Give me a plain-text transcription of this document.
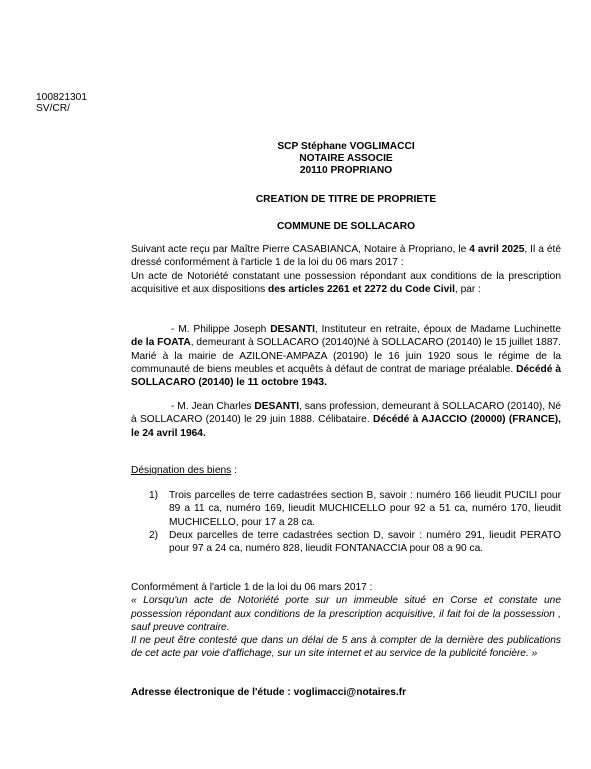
100821301
SV/CR/
SCP Stéphane VOGLIMACCI
NOTAIRE ASSOCIE
20110 PROPRIANO
CREATION DE TITRE DE PROPRIETE
COMMUNE DE SOLLACARO
Suivant acte reçu par Maître Pierre CASABIANCA, Notaire à Propriano, le 4 avril 2025, Il a été dressé conformément à l'article 1 de la loi du 06 mars 2017 :
Un acte de Notoriété constatant une possession répondant aux conditions de la prescription acquisitive et aux dispositions des articles 2261 et 2272 du Code Civil, par :
- M. Philippe Joseph DESANTI, Instituteur en retraite, époux de Madame Luchinette de la FOATA, demeurant à SOLLACARO (20140)Né à SOLLACARO (20140) le 15 juillet 1887. Marié à la mairie de AZILONE-AMPAZA (20190) le 16 juin 1920 sous le régime de la communauté de biens meubles et acquêts à défaut de contrat de mariage préalable. Décédé à SOLLACARO (20140) le 11 octobre 1943.
- M. Jean Charles DESANTI, sans profession, demeurant à SOLLACARO (20140), Né à SOLLACARO (20140) le 29 juin 1888. Célibataire. Décédé à AJACCIO (20000) (FRANCE), le 24 avril 1964.
Désignation des biens :
1) Trois parcelles de terre cadastrées section B, savoir : numéro 166 lieudit PUCILI pour 89 a 11 ca, numéro 169, lieudit MUCHICELLO pour 92 a 51 ca, numéro 170, lieudit MUCHICELLO, pour 17 a 28 ca.
2) Deux parcelles de terre cadastrées section D, savoir : numéro 291, lieudit PERATO pour 97 a 24 ca, numéro 828, lieudit FONTANACCIA pour 08 a 90 ca.
Conformément à l'article 1 de la loi du 06 mars 2017 :
« Lorsqu'un acte de Notoriété porte sur un immeuble situé en Corse et constate une possession répondant aux conditions de la prescription acquisitive, il fait foi de la possession , sauf preuve contraire.
Il ne peut être contesté que dans un délai de 5 ans à compter de la dernière des publications de cet acte par voie d'affichage, sur un site internet et au service de la publicité foncière. »
Adresse électronique de l'étude : voglimacci@notaires.fr
